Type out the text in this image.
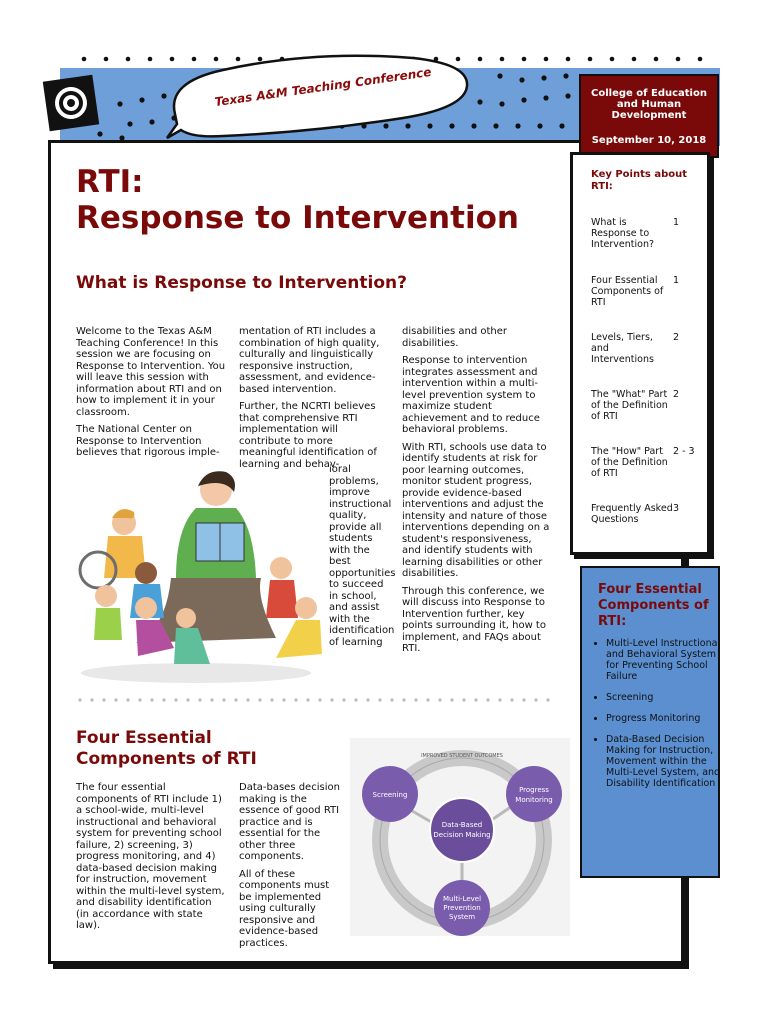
Texas A&M Teaching Conference	College of Education and Human Development
September 10, 2018
RTI:
Response to Intervention
What is Response to Intervention?

Welcome to the Texas A&M Teaching Conference! In this session we are focusing on Response to Intervention. You will leave this session with information about RTI and on how to implement it in your classroom.

The National Center on Response to Intervention believes that rigorous imple-

mentation of RTI includes a combination of high quality, culturally and linguistically responsive instruction, assessment, and evidence-based intervention.

Further, the NCRTI believes that comprehensive RTI implementation will contribute to more meaningful identification of learning and behav-

ioral problems, improve instructional quality, provide all students with the best opportunities to succeed in school, and assist with the identification of learning

disabilities and other disabilities.

Response to intervention integrates assessment and intervention within a multi-level prevention system to maximize student achievement and to reduce behavioral problems.

With RTI, schools use data to identify students at risk for poor learning outcomes, monitor student progress, provide evidence-based interventions and adjust the intensity and nature of those interventions depending on a student's responsiveness, and identify students with learning disabilities or other disabilities.

Through this conference, we will discuss into Response to Intervention further, key points surrounding it, how to implement, and FAQs about RTI.

Four Essential
Components of RTI

The four essential components of RTI include 1) a school-wide, multi-level instructional and behavioral system for preventing school failure, 2) screening, 3) progress monitoring, and 4) data-based decision making for instruction, movement within the multi-level system, and disability identification (in accordance with state law).

Data-bases decision making is the essence of good RTI practice and is essential for the other three components.

All of these components must be implemented using culturally responsive and evidence-based practices.

IMPROVED STUDENT OUTCOMES
Data-Based
Decision Making
Screening
Progress
Monitoring
Multi-Level
Prevention
System
Key Points about RTI:
What is Response to Intervention?1
Four Essential Components of RTI1
Levels, Tiers, and Interventions2
The "What" Part of the Definition of RTI2
The "How" Part of the Definition of RTI2 - 3
Frequently Asked Questions3
Four Essential Components of RTI:
• Multi-Level Instructional and Behavioral System for Preventing School Failure
• Screening
• Progress Monitoring
• Data-Based Decision Making for Instruction, Movement within the Multi-Level System, and Disability Identification
